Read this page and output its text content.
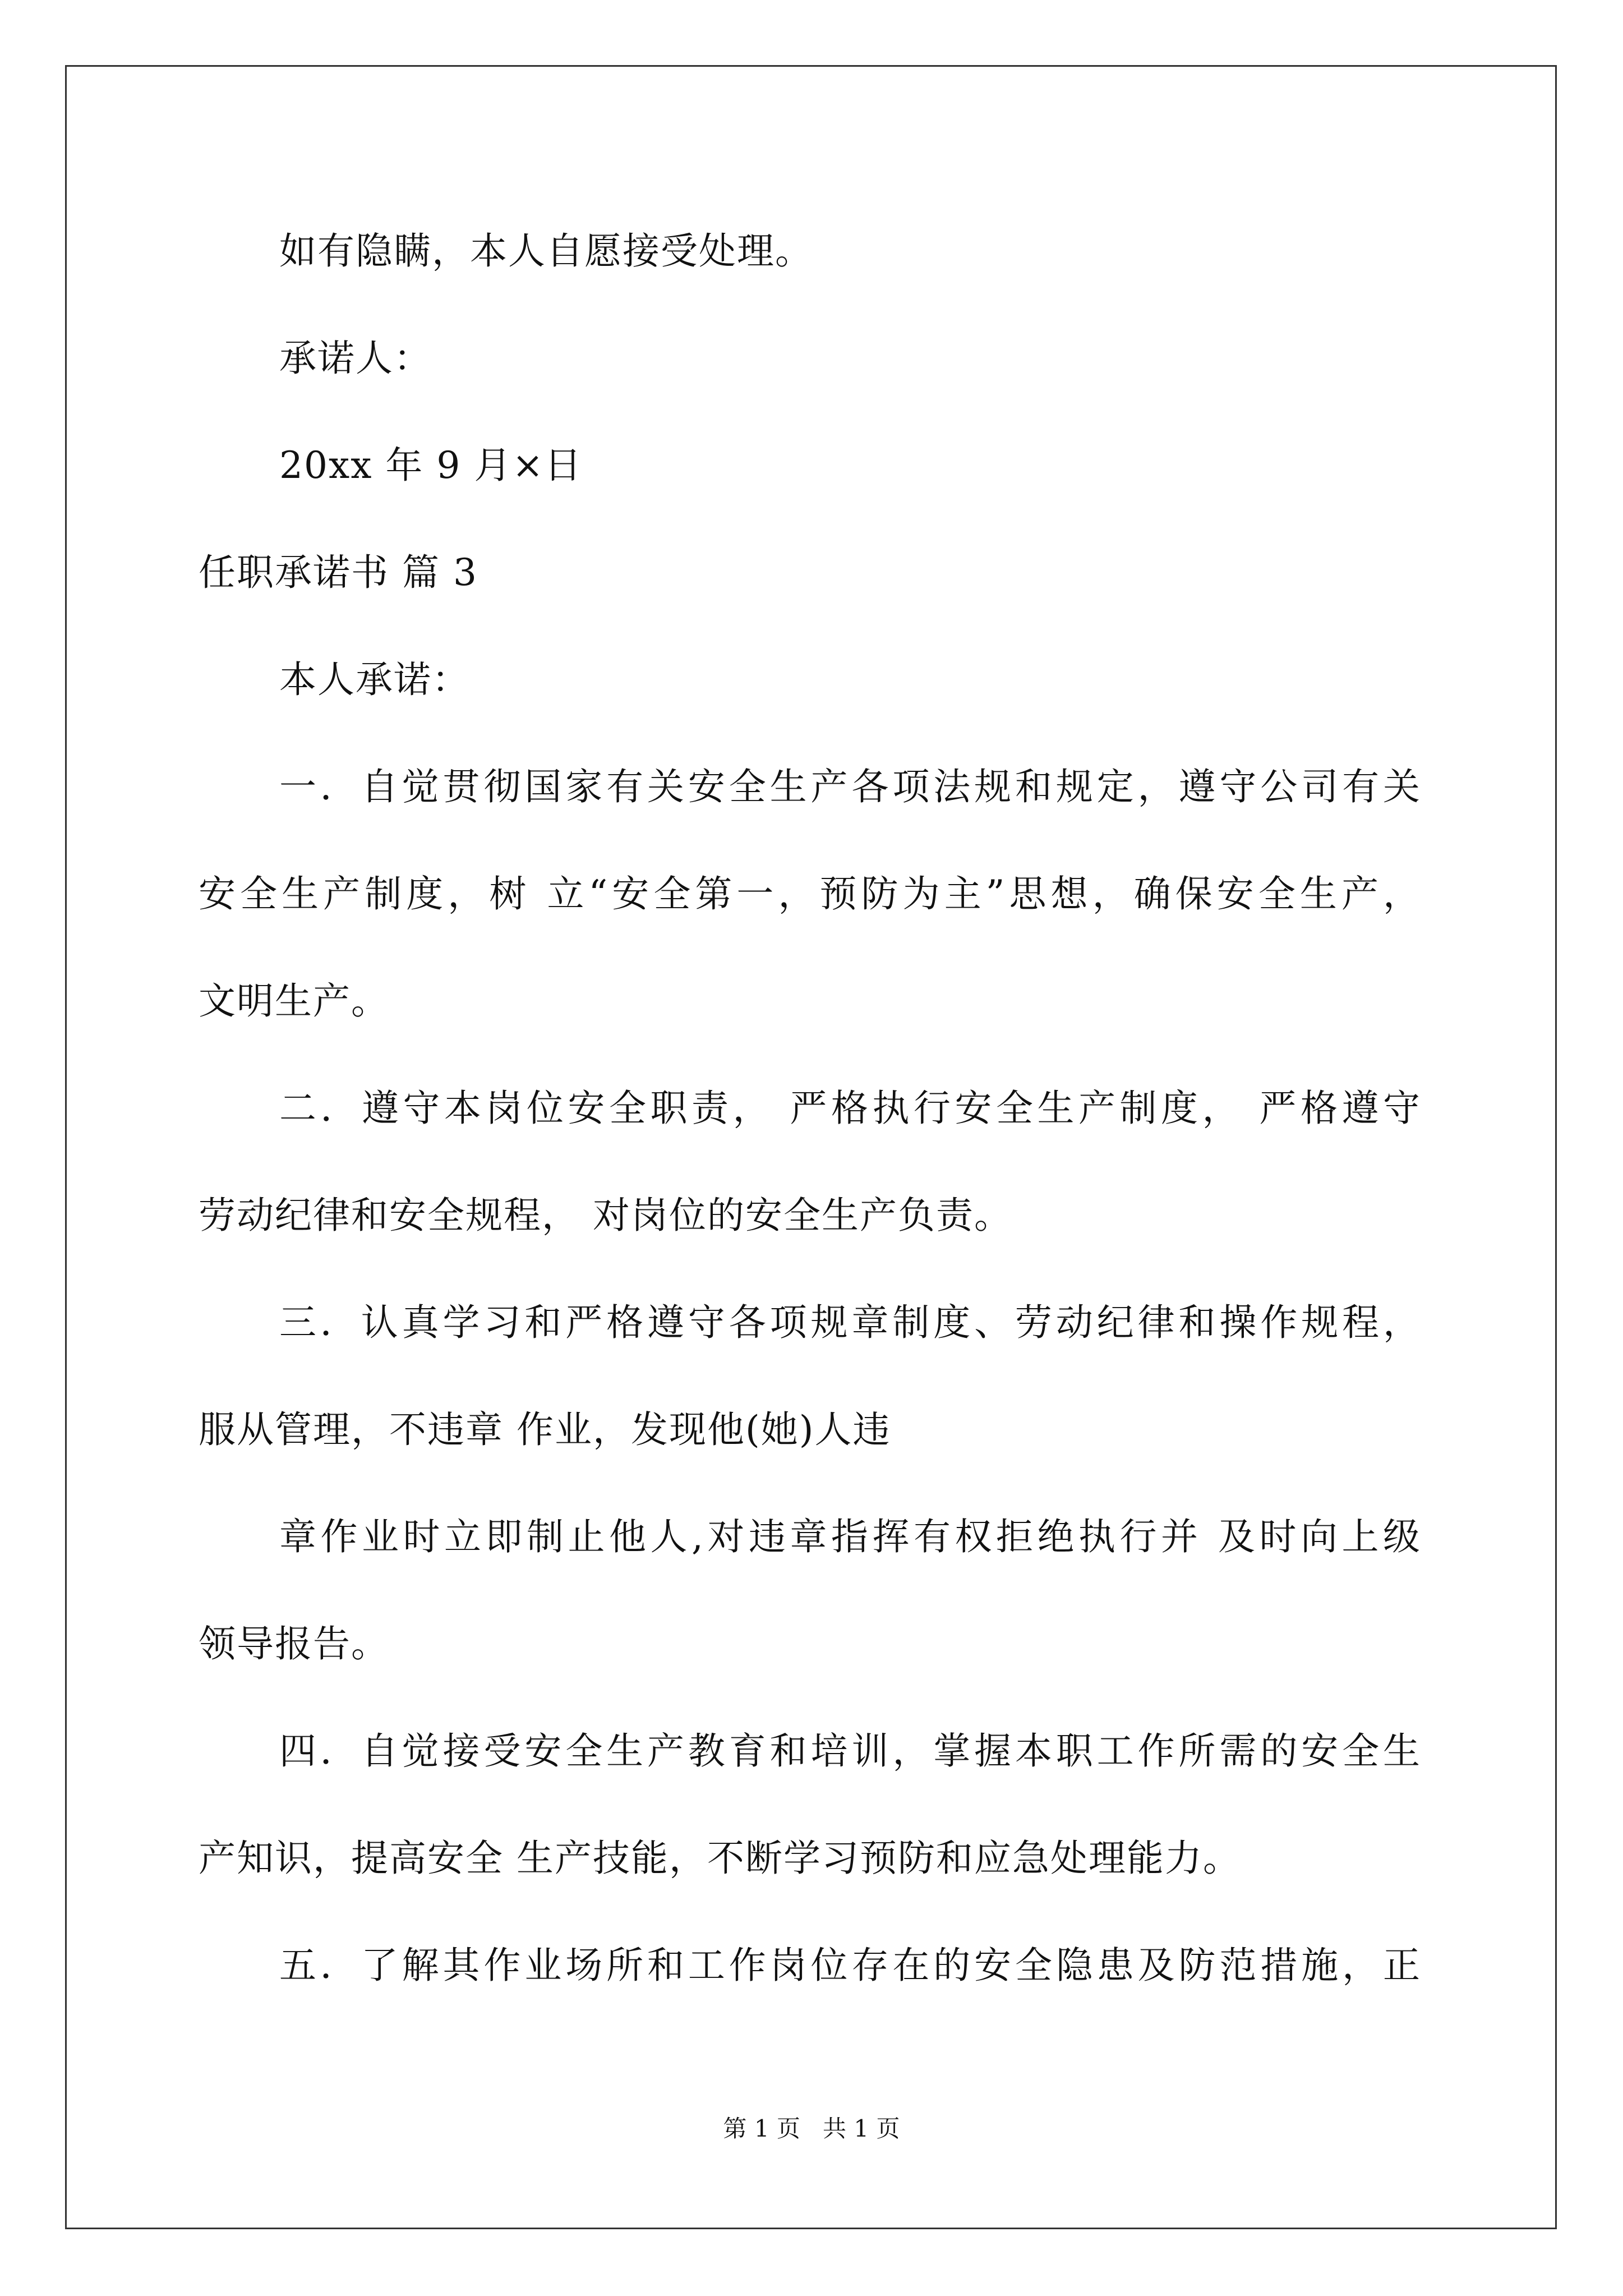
如有隐瞒，本人自愿接受处理。
承诺人：
20xx 年 9 月×日
任职承诺书 篇 3
本人承诺：
一．自觉贯彻国家有关安全生产各项法规和规定，遵守公司有关
安全生产制度，树 立“安全第一，预防为主”思想，确保安全生产，
文明生产。
二．遵守本岗位安全职责， 严格执行安全生产制度， 严格遵守
劳动纪律和安全规程， 对岗位的安全生产负责。
三．认真学习和严格遵守各项规章制度、劳动纪律和操作规程，
服从管理，不违章 作业，发现他(她)人违
章作业时立即制止他人,对违章指挥有权拒绝执行并 及时向上级
领导报告。
四．自觉接受安全生产教育和培训，掌握本职工作所需的安全生
产知识，提高安全 生产技能，不断学习预防和应急处理能力。
五．了解其作业场所和工作岗位存在的安全隐患及防范措施，正
第 1 页   共 1 页
